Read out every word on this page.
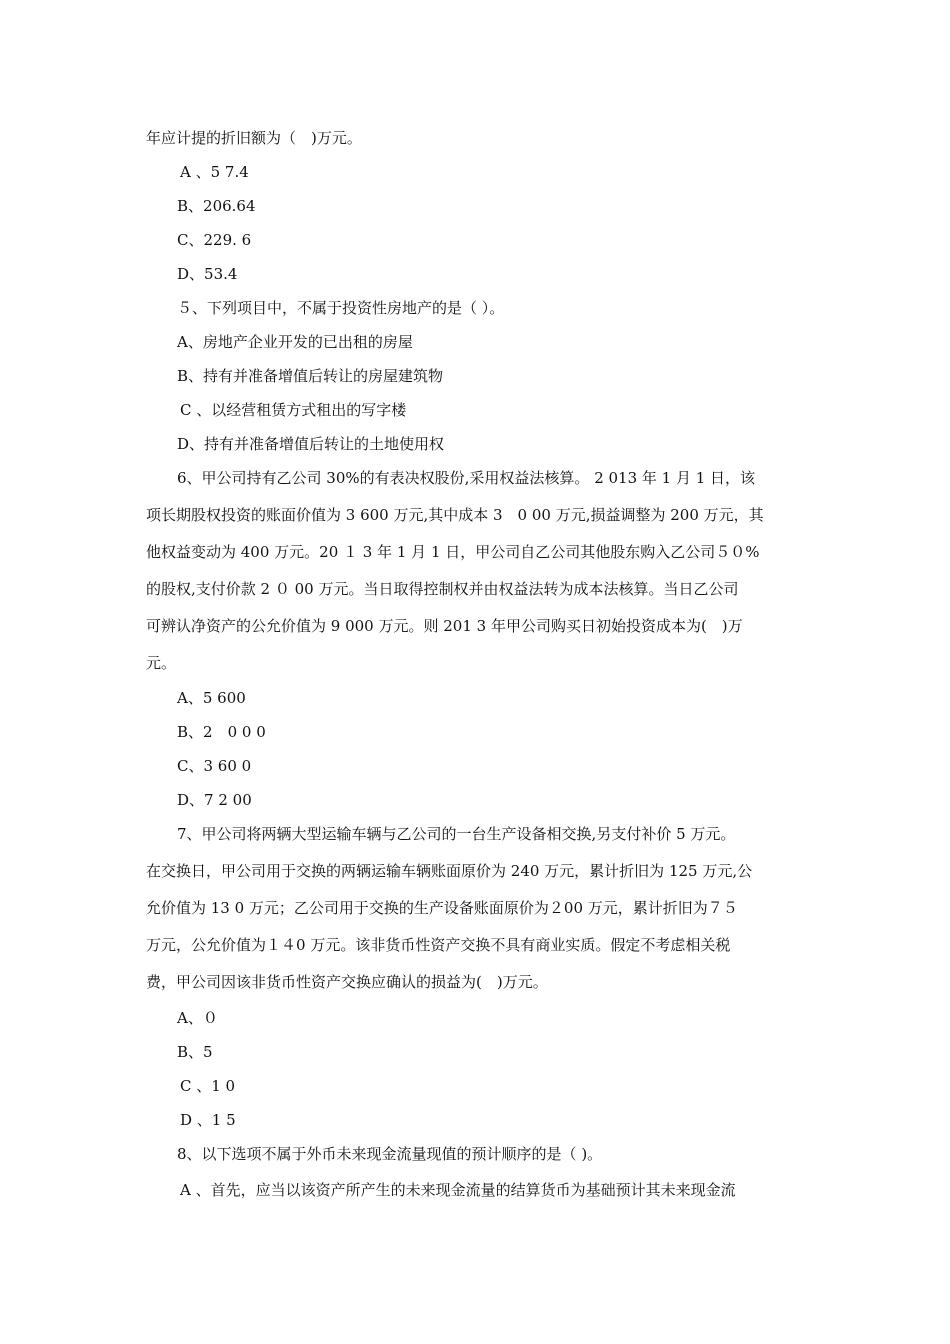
年应计提的折旧额为（　)万元。
A 、5 7.4
B、206.64
C、229. 6
D、53.4
５、下列项目中，不属于投资性房地产的是（ ）。
A、房地产企业开发的已出租的房屋
B、持有并准备增值后转让的房屋建筑物
C 、以经营租赁方式租出的写字楼
D、持有并准备增值后转让的土地使用权
6、甲公司持有乙公司 30%的有表决权股份,采用权益法核算。 2 013 年 1 月 1 日，该
项长期股权投资的账面价值为 3 600 万元,其中成本 3　0 00 万元,损益调整为 200 万元，其
他权益变动为 400 万元。20 １ 3 年 1 月 1 日，甲公司自乙公司其他股东购入乙公司５０%
的股权,支付价款 2 ０ 00 万元。当日取得控制权并由权益法转为成本法核算。当日乙公司
可辨认净资产的公允价值为 9 000 万元。则 201 3 年甲公司购买日初始投资成本为(　)万
元。
A、5 600
B、2　0 0 0
C、3 60 0
D、7 2 00
7、甲公司将两辆大型运输车辆与乙公司的一台生产设备相交换,另支付补价 5 万元。
在交换日，甲公司用于交换的两辆运输车辆账面原价为 240 万元，累计折旧为 125 万元,公
允价值为 13 0 万元；乙公司用于交换的生产设备账面原价为２00 万元，累计折旧为７５
万元，公允价值为１４0 万元。该非货币性资产交换不具有商业实质。假定不考虑相关税
费，甲公司因该非货币性资产交换应确认的损益为(　)万元。
A、０
B、5
C 、1 0
D 、1 5
8、以下选项不属于外币未来现金流量现值的预计顺序的是（ )。
A 、首先，应当以该资产所产生的未来现金流量的结算货币为基础预计其未来现金流
